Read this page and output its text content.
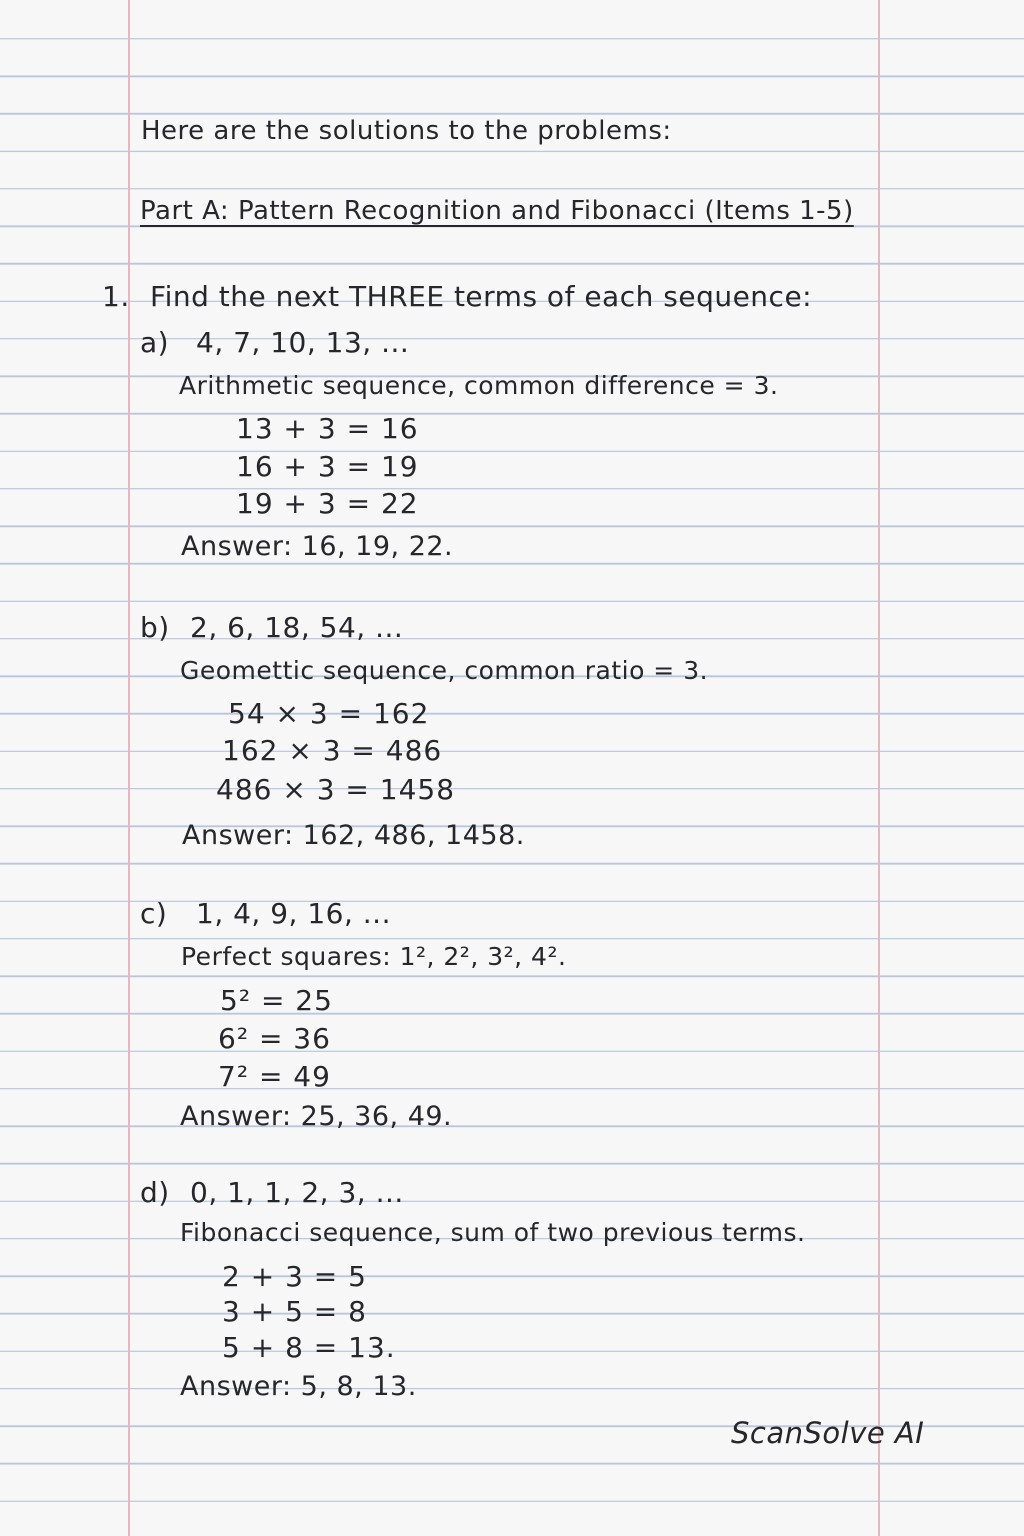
Here are the solutions to the problems:
Part A: Pattern Recognition and Fibonacci (Items 1-5)
1. Find the next THREE terms of each sequence:
a) 4, 7, 10, 13, ...
Arithmetic sequence, common difference = 3.
13 + 3 = 16
16 + 3 = 19
19 + 3 = 22
Answer: 16, 19, 22.
b) 2, 6, 18, 54, ...
Geomettic sequence, common ratio = 3.
54 × 3 = 162
162 × 3 = 486
486 × 3 = 1458
Answer: 162, 486, 1458.
c) 1, 4, 9, 16, ...
Perfect squares: 1², 2², 3², 4².
5² = 25
6² = 36
7² = 49
Answer: 25, 36, 49.
d) 0, 1, 1, 2, 3, ...
Fibonacci sequence, sum of two previous terms.
2 + 3 = 5
3 + 5 = 8
5 + 8 = 13.
Answer: 5, 8, 13.
ScanSolve AI
